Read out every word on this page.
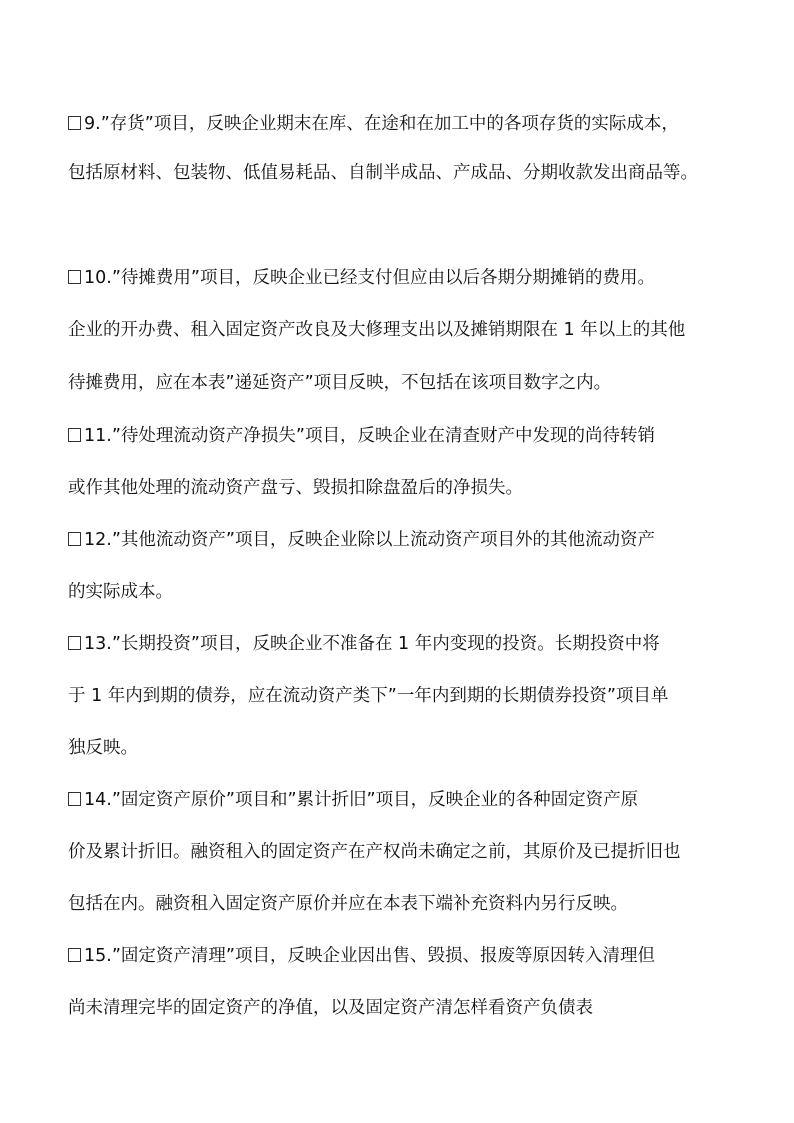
9.”存货”项目，反映企业期末在库、在途和在加工中的各项存货的实际成本，
包括原材料、包装物、低值易耗品、自制半成品、产成品、分期收款发出商品等。
10.”待摊费用”项目，反映企业已经支付但应由以后各期分期摊销的费用。
企业的开办费、租入固定资产改良及大修理支出以及摊销期限在 1 年以上的其他
待摊费用，应在本表”递延资产”项目反映，不包括在该项目数字之内。
11.”待处理流动资产净损失”项目，反映企业在清查财产中发现的尚待转销
或作其他处理的流动资产盘亏、毁损扣除盘盈后的净损失。
12.”其他流动资产”项目，反映企业除以上流动资产项目外的其他流动资产
的实际成本。
13.”长期投资”项目，反映企业不准备在 1 年内变现的投资。长期投资中将
于 1 年内到期的债券，应在流动资产类下”一年内到期的长期债券投资”项目单
独反映。
14.”固定资产原价”项目和”累计折旧”项目，反映企业的各种固定资产原
价及累计折旧。融资租入的固定资产在产权尚未确定之前，其原价及已提折旧也
包括在内。融资租入固定资产原价并应在本表下端补充资料内另行反映。
15.”固定资产清理”项目，反映企业因出售、毁损、报废等原因转入清理但
尚未清理完毕的固定资产的净值，以及固定资产清怎样看资产负债表
